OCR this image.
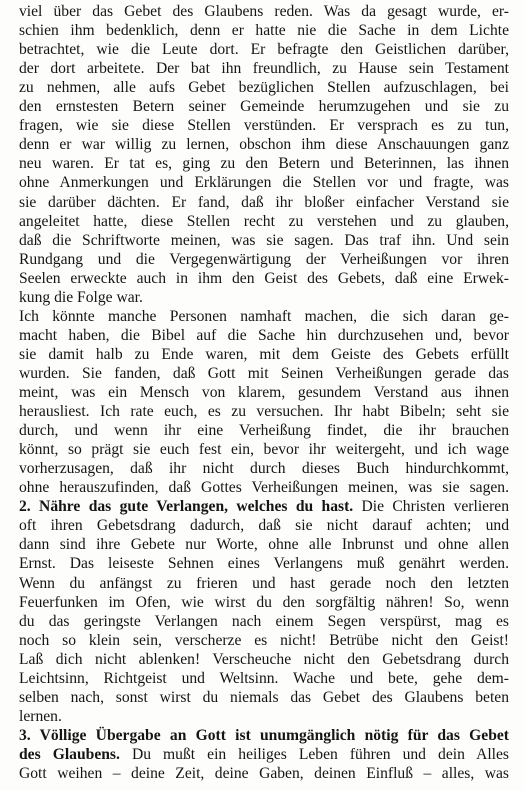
viel über das Gebet des Glaubens reden. Was da gesagt wurde, er-
schien ihm bedenklich, denn er hatte nie die Sache in dem Lichte
betrachtet, wie die Leute dort. Er befragte den Geistlichen darüber,
der dort arbeitete. Der bat ihn freundlich, zu Hause sein Testament
zu nehmen, alle aufs Gebet bezüglichen Stellen aufzuschlagen, bei
den ernstesten Betern seiner Gemeinde herumzugehen und sie zu
fragen, wie sie diese Stellen verstünden. Er versprach es zu tun,
denn er war willig zu lernen, obschon ihm diese Anschauungen ganz
neu waren. Er tat es, ging zu den Betern und Beterinnen, las ihnen
ohne Anmerkungen und Erklärungen die Stellen vor und fragte, was
sie darüber dächten. Er fand, daß ihr bloßer einfacher Verstand sie
angeleitet hatte, diese Stellen recht zu verstehen und zu glauben,
daß die Schriftworte meinen, was sie sagen. Das traf ihn. Und sein
Rundgang und die Vergegenwärtigung der Verheißungen vor ihren
Seelen erweckte auch in ihm den Geist des Gebets, daß eine Erwek-
kung die Folge war.
Ich könnte manche Personen namhaft machen, die sich daran ge-
macht haben, die Bibel auf die Sache hin durchzusehen und, bevor
sie damit halb zu Ende waren, mit dem Geiste des Gebets erfüllt
wurden. Sie fanden, daß Gott mit Seinen Verheißungen gerade das
meint, was ein Mensch von klarem, gesundem Verstand aus ihnen
herausliest. Ich rate euch, es zu versuchen. Ihr habt Bibeln; seht sie
durch, und wenn ihr eine Verheißung findet, die ihr brauchen
könnt, so prägt sie euch fest ein, bevor ihr weitergeht, und ich wage
vorherzusagen, daß ihr nicht durch dieses Buch hindurchkommt,
ohne herauszufinden, daß Gottes Verheißungen meinen, was sie sagen.
2. Nähre das gute Verlangen, welches du hast. Die Christen verlieren
oft ihren Gebetsdrang dadurch, daß sie nicht darauf achten; und
dann sind ihre Gebete nur Worte, ohne alle Inbrunst und ohne allen
Ernst. Das leiseste Sehnen eines Verlangens muß genährt werden.
Wenn du anfängst zu frieren und hast gerade noch den letzten
Feuerfunken im Ofen, wie wirst du den sorgfältig nähren! So, wenn
du das geringste Verlangen nach einem Segen verspürst, mag es
noch so klein sein, verscherze es nicht! Betrübe nicht den Geist!
Laß dich nicht ablenken! Verscheuche nicht den Gebetsdrang durch
Leichtsinn, Richtgeist und Weltsinn. Wache und bete, gehe dem-
selben nach, sonst wirst du niemals das Gebet des Glaubens beten
lernen.
3. Völlige Übergabe an Gott ist unumgänglich nötig für das Gebet
des Glaubens. Du mußt ein heiliges Leben führen und dein Alles
Gott weihen – deine Zeit, deine Gaben, deinen Einfluß – alles, was
